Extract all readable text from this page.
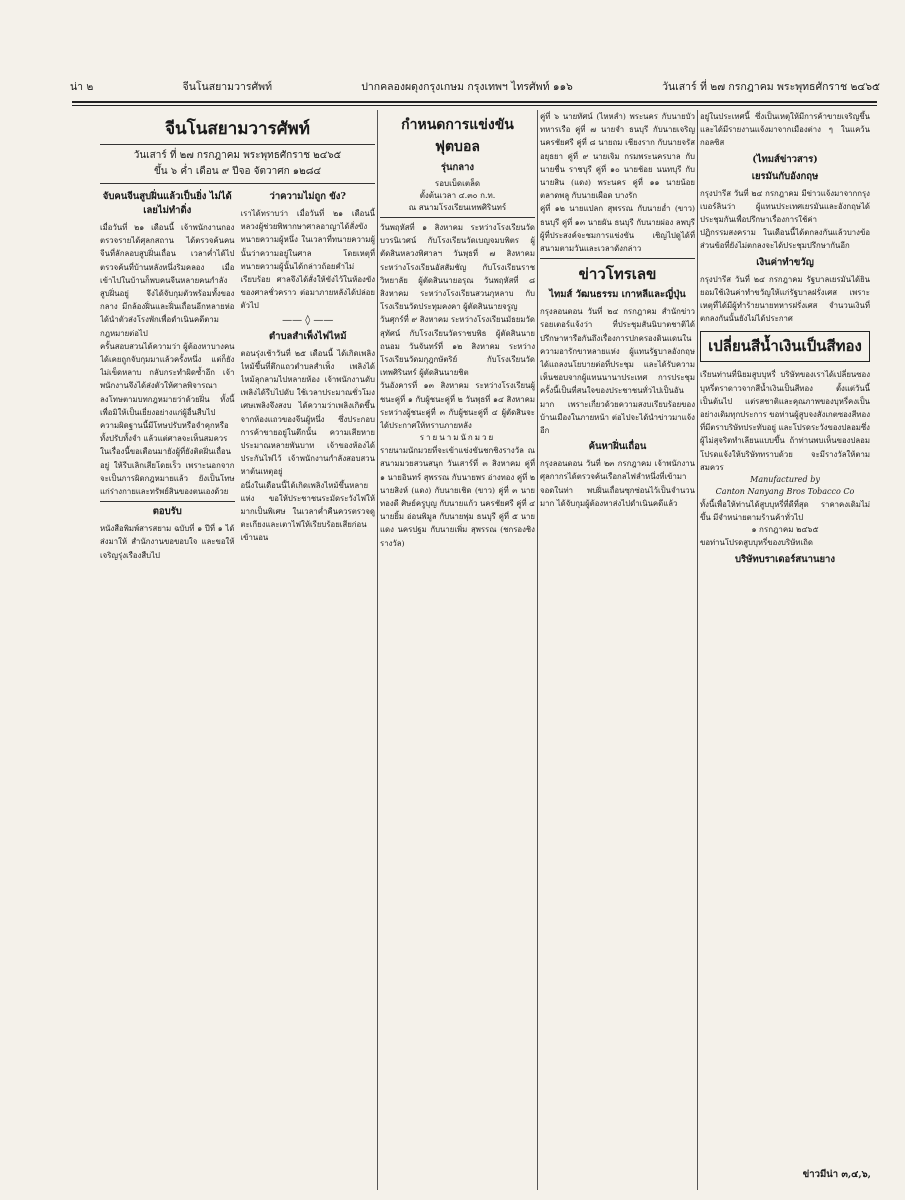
น่า ๒	จีนโนสยามวารศัพท์	ปากคลองผดุงกรุงเกษม กรุงเทพฯ ไทรศัพท์ ๑๑๖	วันเสาร์ ที่ ๒๗ กรกฎาคม พระพุทธศักราช ๒๔๖๕
จีนโนสยามวารศัพท์
วันเสาร์ ที่ ๒๗ กรกฎาคม พระพุทธศักราช ๒๔๖๕
ขึ้น ๖ ค่ำ เดือน ๙ ปีจอ จัตวาศก ๑๒๘๔
จับคนจีนสูบฝิ่นแล้วเป็นยิ่ง ไม่ได้เลยไม่ทำดิ่ง

เมื่อวันที่ ๒๑ เดือนนี้ เจ้าพนักงานกองตรวจรายได้ศุลกสถาน ได้ตรวจค้นคนจีนที่ลักลอบสูบฝิ่นเถื่อน เวลาค่ำได้ไปตรวจค้นที่บ้านหลังหนึ่งริมคลอง เมื่อเข้าไปในบ้านก็พบคนจีนหลายคนกำลังสูบฝิ่นอยู่ จึงได้จับกุมตัวพร้อมทั้งของกลาง มีกล้องฝิ่นและฝิ่นเถื่อนอีกหลายห่อ ได้นำตัวส่งโรงพักเพื่อดำเนินคดีตามกฎหมายต่อไป

ครั้นสอบสวนได้ความว่า ผู้ต้องหาบางคนได้เคยถูกจับกุมมาแล้วครั้งหนึ่ง แต่ก็ยังไม่เข็ดหลาบ กลับกระทำผิดซ้ำอีก เจ้าพนักงานจึงได้ส่งตัวให้ศาลพิจารณาลงโทษตามบทกฎหมายว่าด้วยฝิ่น ทั้งนี้เพื่อมิให้เป็นเยี่ยงอย่างแก่ผู้อื่นสืบไป ความผิดฐานนี้มีโทษปรับหรือจำคุกหรือทั้งปรับทั้งจำ แล้วแต่ศาลจะเห็นสมควร

ในเรื่องนี้ขอเตือนมายังผู้ที่ยังติดฝิ่นเถื่อนอยู่ ให้รีบเลิกเสียโดยเร็ว เพราะนอกจากจะเป็นการผิดกฎหมายแล้ว ยังเป็นโทษแก่ร่างกายและทรัพย์สินของตนเองด้วย

ตอบรับ

หนังสือพิมพ์สารสยาม ฉบับที่ ๑ ปีที่ ๑ ได้ส่งมาให้ สำนักงานขอขอบใจ และขอให้เจริญรุ่งเรืองสืบไป

ว่าความไม่ถูก ขัง?

เราได้ทราบว่า เมื่อวันที่ ๒๑ เดือนนี้ หลวงผู้ช่วยพิพากษาศาลอาญาได้สั่งขังทนายความผู้หนึ่ง ในเวลาที่ทนายความผู้นั้นว่าความอยู่ในศาล โดยเหตุที่ทนายความผู้นั้นได้กล่าวถ้อยคำไม่เรียบร้อย ศาลจึงได้สั่งให้ขังไว้ในห้องขังของศาลชั่วคราว ต่อมาภายหลังได้ปล่อยตัวไป

—— ◊ ——
ตำบลสำเพ็งไฟไหม้

ตอนรุ่งเช้าวันที่ ๒๕ เดือนนี้ ได้เกิดเพลิงไหม้ขึ้นที่ตึกแถวตำบลสำเพ็ง เพลิงได้ไหม้ลุกลามไปหลายห้อง เจ้าพนักงานดับเพลิงได้รีบไปดับ ใช้เวลาประมาณชั่วโมงเศษเพลิงจึงสงบ ได้ความว่าเพลิงเกิดขึ้นจากห้องแถวของจีนผู้หนึ่ง ซึ่งประกอบการค้าขายอยู่ในตึกนั้น ความเสียหายประมาณหลายพันบาท เจ้าของห้องได้ประกันไฟไว้ เจ้าพนักงานกำลังสอบสวนหาต้นเหตุอยู่

อนึ่งในเดือนนี้ได้เกิดเพลิงไหม้ขึ้นหลายแห่ง ขอให้ประชาชนระมัดระวังไฟให้มากเป็นพิเศษ ในเวลาค่ำคืนควรตรวจดูตะเกียงและเตาไฟให้เรียบร้อยเสียก่อนเข้านอน

กำหนดการแข่งขัน ฟุตบอล
รุ่นกลาง
รอบเบ็ดเตล็ด
ตั้งต้นเวลา ๔.๓๐ ก.ท.
ณ สนามโรงเรียนเทพศิรินทร์

วันพฤหัสที่ ๑ สิงหาคม ระหว่างโรงเรียนวัดบวรนิเวศน์ กับโรงเรียนวัดเบญจมบพิตร ผู้ตัดสินหลวงพิศาลฯ วันพุธที่ ๗ สิงหาคม ระหว่างโรงเรียนอัสสัมชัญ กับโรงเรียนราชวิทยาลัย ผู้ตัดสินนายอรุณ วันพฤหัสที่ ๘ สิงหาคม ระหว่างโรงเรียนสวนกุหลาบ กับโรงเรียนวัดประทุมคงคา ผู้ตัดสินนายจรูญ

วันศุกร์ที่ ๙ สิงหาคม ระหว่างโรงเรียนมัธยมวัดสุทัศน์ กับโรงเรียนวัดราชบพิธ ผู้ตัดสินนายถนอม วันจันทร์ที่ ๑๒ สิงหาคม ระหว่างโรงเรียนวัดมกุฎกษัตริย์ กับโรงเรียนวัดเทพศิรินทร์ ผู้ตัดสินนายชิต

วันอังคารที่ ๑๓ สิงหาคม ระหว่างโรงเรียนผู้ชนะคู่ที่ ๑ กับผู้ชนะคู่ที่ ๒ วันพุธที่ ๑๔ สิงหาคม ระหว่างผู้ชนะคู่ที่ ๓ กับผู้ชนะคู่ที่ ๔ ผู้ตัดสินจะได้ประกาศให้ทราบภายหลัง

รายนามนักมวย

รายนามนักมวยที่จะเข้าแข่งขันชกชิงรางวัล ณ สนามมวยสวนสนุก วันเสาร์ที่ ๓ สิงหาคม คู่ที่ ๑ นายอินทร์ สุพรรณ กับนายพร อ่างทอง คู่ที่ ๒ นายสิงห์ (แดง) กับนายเชิด (ขาว) คู่ที่ ๓ นายทองดี ศิษย์ครูบุญ กับนายแก้ว นครชัยศรี คู่ที่ ๔ นายยิ้ม อ่อนพิมูล กับนายพุ่ม ธนบุรี คู่ที่ ๕ นายแดง นครปฐม กับนายเพิ่ม สุพรรณ (ชกรองชิงรางวัล)

คู่ที่ ๖ นายทัศน์ (ไหหลำ) พระนคร กับนายบัว ทหารเรือ คู่ที่ ๗ นายจำ ธนบุรี กับนายเจริญ นครชัยศรี คู่ที่ ๘ นายถม เชียงราก กับนายจรัส อยุธยา คู่ที่ ๙ นายเจิม กรมพระนครบาล กับนายชื่น ราชบุรี คู่ที่ ๑๐ นายช้อย นนทบุรี กับนายสิน (แดง) พระนคร คู่ที่ ๑๑ นายน้อย ตลาดพลู กับนายเผือด บางรัก

คู่ที่ ๑๒ นายแปลก สุพรรณ กับนายอ่ำ (ขาว) ธนบุรี คู่ที่ ๑๓ นายผัน ธนบุรี กับนายผ่อง ลพบุรี ผู้ที่ประสงค์จะชมการแข่งขัน เชิญไปดูได้ที่สนามตามวันและเวลาดังกล่าว

ข่าวโทรเลข
ไทมส์ วัฒนธรรม เกาหลีและญี่ปุ่น

กรุงลอนดอน วันที่ ๒๔ กรกฎาคม สำนักข่าวรอยเตอร์แจ้งว่า ที่ประชุมสันนิบาตชาติได้ปรึกษาหารือกันถึงเรื่องการปกครองดินแดนในความอารักขาหลายแห่ง ผู้แทนรัฐบาลอังกฤษได้แถลงนโยบายต่อที่ประชุม และได้รับความเห็นชอบจากผู้แทนนานาประเทศ การประชุมครั้งนี้เป็นที่สนใจของประชาชนทั่วไปเป็นอันมาก เพราะเกี่ยวด้วยความสงบเรียบร้อยของบ้านเมืองในภายหน้า ต่อไปจะได้นำข่าวมาแจ้งอีก

ค้นหาฝิ่นเถื่อน

กรุงลอนดอน วันที่ ๒๓ กรกฎาคม เจ้าพนักงานศุลกากรได้ตรวจค้นเรือกลไฟลำหนึ่งที่เข้ามาจอดในท่า พบฝิ่นเถื่อนซุกซ่อนไว้เป็นจำนวนมาก ได้จับกุมผู้ต้องหาส่งไปดำเนินคดีแล้ว

อยู่ในประเทศนี้ ซึ่งเป็นเหตุให้มีการค้าขายเจริญขึ้น และได้มีรายงานแจ้งมาจากเมืองต่าง ๆ ในแคว้นกอลซิส

(ไทมส์ข่าวสาร)
เยรมันกับอังกฤษ

กรุงปารีส วันที่ ๒๔ กรกฎาคม มีข่าวแจ้งมาจากกรุงเบอร์ลินว่า ผู้แทนประเทศเยรมันและอังกฤษได้ประชุมกันเพื่อปรึกษาเรื่องการใช้ค่าปฏิกรรมสงคราม ในเดือนนี้ได้ตกลงกันแล้วบางข้อ ส่วนข้อที่ยังไม่ตกลงจะได้ประชุมปรึกษากันอีก

เงินค่าทำขวัญ

กรุงปารีส วันที่ ๒๔ กรกฎาคม รัฐบาลเยรมันได้ยินยอมใช้เงินค่าทำขวัญให้แก่รัฐบาลฝรั่งเศส เพราะเหตุที่ได้มีผู้ทำร้ายนายทหารฝรั่งเศส จำนวนเงินที่ตกลงกันนั้นยังไม่ได้ประกาศ

เปลี่ยนสีน้ำเงินเป็นสีทอง

เรียนท่านที่นิยมสูบบุหรี่ บริษัทของเราได้เปลี่ยนซองบุหรี่ตราดาวจากสีน้ำเงินเป็นสีทอง ตั้งแต่วันนี้เป็นต้นไป แต่รสชาติและคุณภาพของบุหรี่คงเป็นอย่างเดิมทุกประการ ขอท่านผู้สูบจงสังเกตซองสีทองที่มีตราบริษัทประทับอยู่ และโปรดระวังของปลอมซึ่งผู้ไม่สุจริตทำเลียนแบบขึ้น ถ้าท่านพบเห็นของปลอมโปรดแจ้งให้บริษัททราบด้วย จะมีรางวัลให้ตามสมควร

Manufactured by
Canton Nanyang Bros Tobacco Co

ทั้งนี้เพื่อให้ท่านได้สูบบุหรี่ที่ดีที่สุด ราคาคงเดิมไม่ขึ้น มีจำหน่ายตามร้านค้าทั่วไป

๑ กรกฎาคม ๒๔๖๕

ขอท่านโปรดสูบบุหรี่ของบริษัทเถิด

บริษัทบราเดอร์สนานยาง
ข่าวมีน่า ๓,๔,๖,
